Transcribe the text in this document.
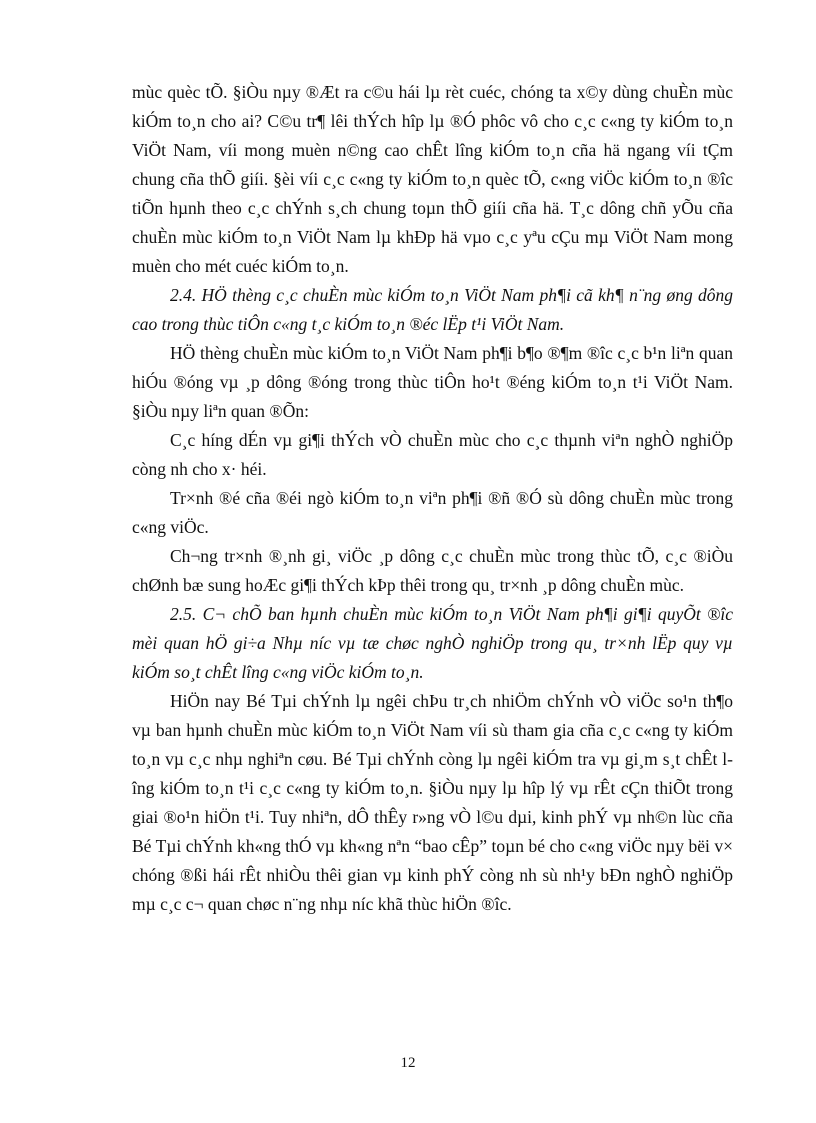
mùc quèc tÕ. §iÒu nµy ®Æt ra c©u hái lµ rèt cuéc, chóng ta x©y dùng chuÈn mùc kiÓm to¸n cho ai? C©u tr¶ lêi thÝch hîp lµ ®Ó phôc vô cho c¸c c«ng ty kiÓm to¸n ViÖt Nam, víi mong muèn n©ng cao chÊt lîng kiÓm to¸n cña hä ngang víi tÇm chung cña thÕ giíi. §èi víi c¸c c«ng ty kiÓm to¸n quèc tÕ, c«ng viÖc kiÓm to¸n ®îc tiÕn hµnh theo c¸c chÝnh s¸ch chung toµn thÕ giíi cña hä. T¸c dông chñ yÕu cña chuÈn mùc kiÓm to¸n ViÖt Nam lµ khÐp hä vµo c¸c yªu cÇu mµ ViÖt Nam mong muèn cho mét cuéc kiÓm to¸n.

2.4. HÖ thèng c¸c chuÈn mùc kiÓm to¸n ViÖt Nam ph¶i cã kh¶ n¨ng øng dông cao trong thùc tiÔn c«ng t¸c kiÓm to¸n ®éc lËp t¹i ViÖt Nam.

HÖ thèng chuÈn mùc kiÓm to¸n ViÖt Nam ph¶i b¶o ®¶m ®îc c¸c b¹n liªn quan hiÓu ®óng vµ ¸p dông ®óng trong thùc tiÔn ho¹t ®éng kiÓm to¸n t¹i ViÖt Nam. §iÒu nµy liªn quan ®Õn:

C¸c híng dÉn vµ gi¶i thÝch vÒ chuÈn mùc cho c¸c thµnh viªn nghÒ nghiÖp còng nh cho x· héi.

Tr×nh ®é cña ®éi ngò kiÓm to¸n viªn ph¶i ®ñ ®Ó sù dông chuÈn mùc trong c«ng viÖc.

Ch¬ng tr×nh ®¸nh gi¸ viÖc ¸p dông c¸c chuÈn mùc trong thùc tÕ, c¸c ®iÒu chØnh bæ sung hoÆc gi¶i thÝch kÞp thêi trong qu¸ tr×nh ¸p dông chuÈn mùc.

2.5. C¬ chÕ ban hµnh chuÈn mùc kiÓm to¸n ViÖt Nam ph¶i gi¶i quyÕt ®îc mèi quan hÖ gi÷a Nhµ níc vµ tæ chøc nghÒ nghiÖp trong qu¸ tr×nh lËp quy vµ kiÓm so¸t chÊt lîng c«ng viÖc kiÓm to¸n.

HiÖn nay Bé Tµi chÝnh lµ ngêi chÞu tr¸ch nhiÖm chÝnh vÒ viÖc so¹n th¶o vµ ban hµnh chuÈn mùc kiÓm to¸n ViÖt Nam víi sù tham gia cña c¸c c«ng ty kiÓm to¸n vµ c¸c nhµ nghiªn cøu. Bé Tµi chÝnh còng lµ ngêi kiÓm tra vµ gi¸m s¸t chÊt lîng kiÓm to¸n t¹i c¸c c«ng ty kiÓm to¸n. §iÒu nµy lµ hîp lý vµ rÊt cÇn thiÕt trong giai ®o¹n hiÖn t¹i. Tuy nhiªn, dÔ thÊy r»ng vÒ l©u dµi, kinh phÝ vµ nh©n lùc cña Bé Tµi chÝnh kh«ng thÓ vµ kh«ng nªn “bao cÊp” toµn bé cho c«ng viÖc nµy bëi v× chóng ®ßi hái rÊt nhiÒu thêi gian vµ kinh phÝ còng nh sù nh¹y bÐn nghÒ nghiÖp mµ c¸c c¬ quan chøc n¨ng nhµ níc khã thùc hiÖn ®îc.

12
